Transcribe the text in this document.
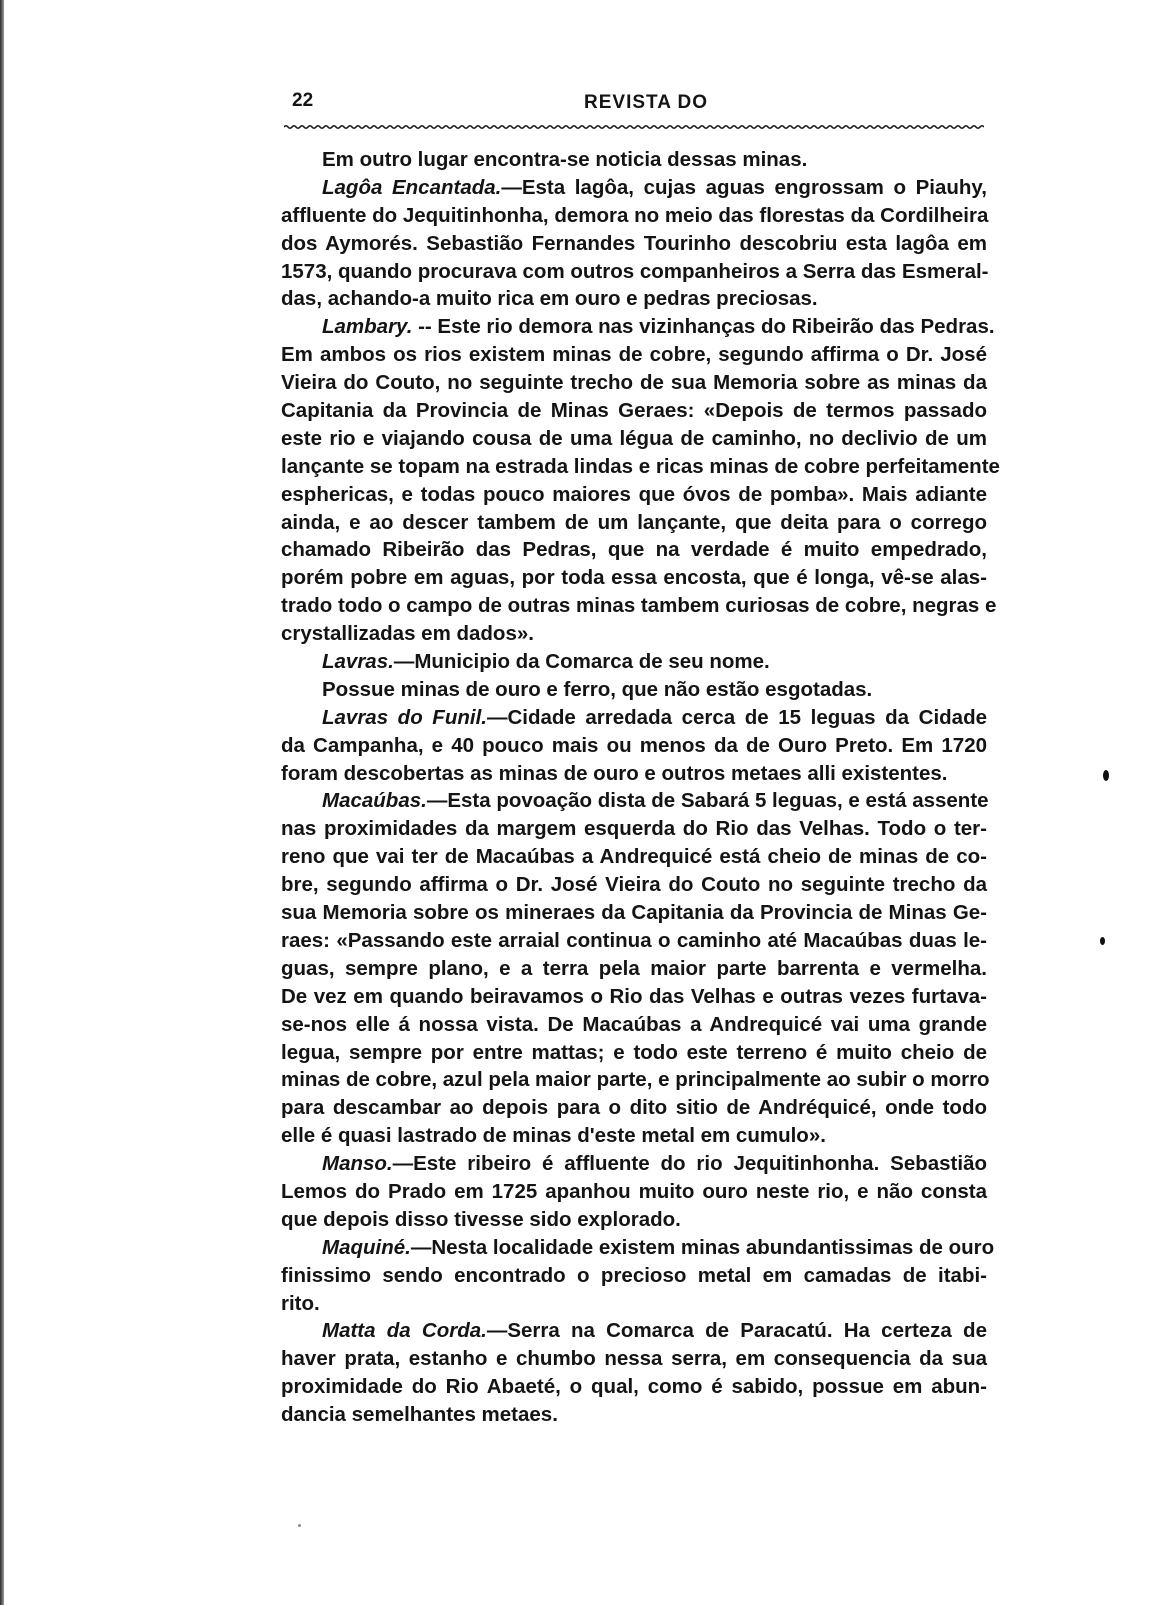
22	REVISTA DO
Em outro lugar encontra-se noticia dessas minas.
Lagôa Encantada.—Esta lagôa, cujas aguas engrossam o Piauhy,
affluente do Jequitinhonha, demora no meio das florestas da Cordilheira
dos Aymorés. Sebastião Fernandes Tourinho descobriu esta lagôa em
1573, quando procurava com outros companheiros a Serra das Esmeral-
das, achando-a muito rica em ouro e pedras preciosas.
Lambary. -- Este rio demora nas vizinhanças do Ribeirão das Pedras.
Em ambos os rios existem minas de cobre, segundo affirma o Dr. José
Vieira do Couto, no seguinte trecho de sua Memoria sobre as minas da
Capitania da Provincia de Minas Geraes: «Depois de termos passado
este rio e viajando cousa de uma légua de caminho, no declivio de um
lançante se topam na estrada lindas e ricas minas de cobre perfeitamente
esphericas, e todas pouco maiores que óvos de pomba». Mais adiante
ainda, e ao descer tambem de um lançante, que deita para o corrego
chamado Ribeirão das Pedras, que na verdade é muito empedrado,
porém pobre em aguas, por toda essa encosta, que é longa, vê-se alas-
trado todo o campo de outras minas tambem curiosas de cobre, negras e
crystallizadas em dados».
Lavras.—Municipio da Comarca de seu nome.
Possue minas de ouro e ferro, que não estão esgotadas.
Lavras do Funil.—Cidade arredada cerca de 15 leguas da Cidade
da Campanha, e 40 pouco mais ou menos da de Ouro Preto. Em 1720
foram descobertas as minas de ouro e outros metaes alli existentes.
Macaúbas.—Esta povoação dista de Sabará 5 leguas, e está assente
nas proximidades da margem esquerda do Rio das Velhas. Todo o ter-
reno que vai ter de Macaúbas a Andrequicé está cheio de minas de co-
bre, segundo affirma o Dr. José Vieira do Couto no seguinte trecho da
sua Memoria sobre os mineraes da Capitania da Provincia de Minas Ge-
raes: «Passando este arraial continua o caminho até Macaúbas duas le-
guas, sempre plano, e a terra pela maior parte barrenta e vermelha.
De vez em quando beiravamos o Rio das Velhas e outras vezes furtava-
se-nos elle á nossa vista. De Macaúbas a Andrequicé vai uma grande
legua, sempre por entre mattas; e todo este terreno é muito cheio de
minas de cobre, azul pela maior parte, e principalmente ao subir o morro
para descambar ao depois para o dito sitio de Andréquicé, onde todo
elle é quasi lastrado de minas d'este metal em cumulo».
Manso.—Este ribeiro é affluente do rio Jequitinhonha. Sebastião
Lemos do Prado em 1725 apanhou muito ouro neste rio, e não consta
que depois disso tivesse sido explorado.
Maquiné.—Nesta localidade existem minas abundantissimas de ouro
finissimo sendo encontrado o precioso metal em camadas de itabi-
rito.
Matta da Corda.—Serra na Comarca de Paracatú. Ha certeza de
haver prata, estanho e chumbo nessa serra, em consequencia da sua
proximidade do Rio Abaeté, o qual, como é sabido, possue em abun-
dancia semelhantes metaes.
